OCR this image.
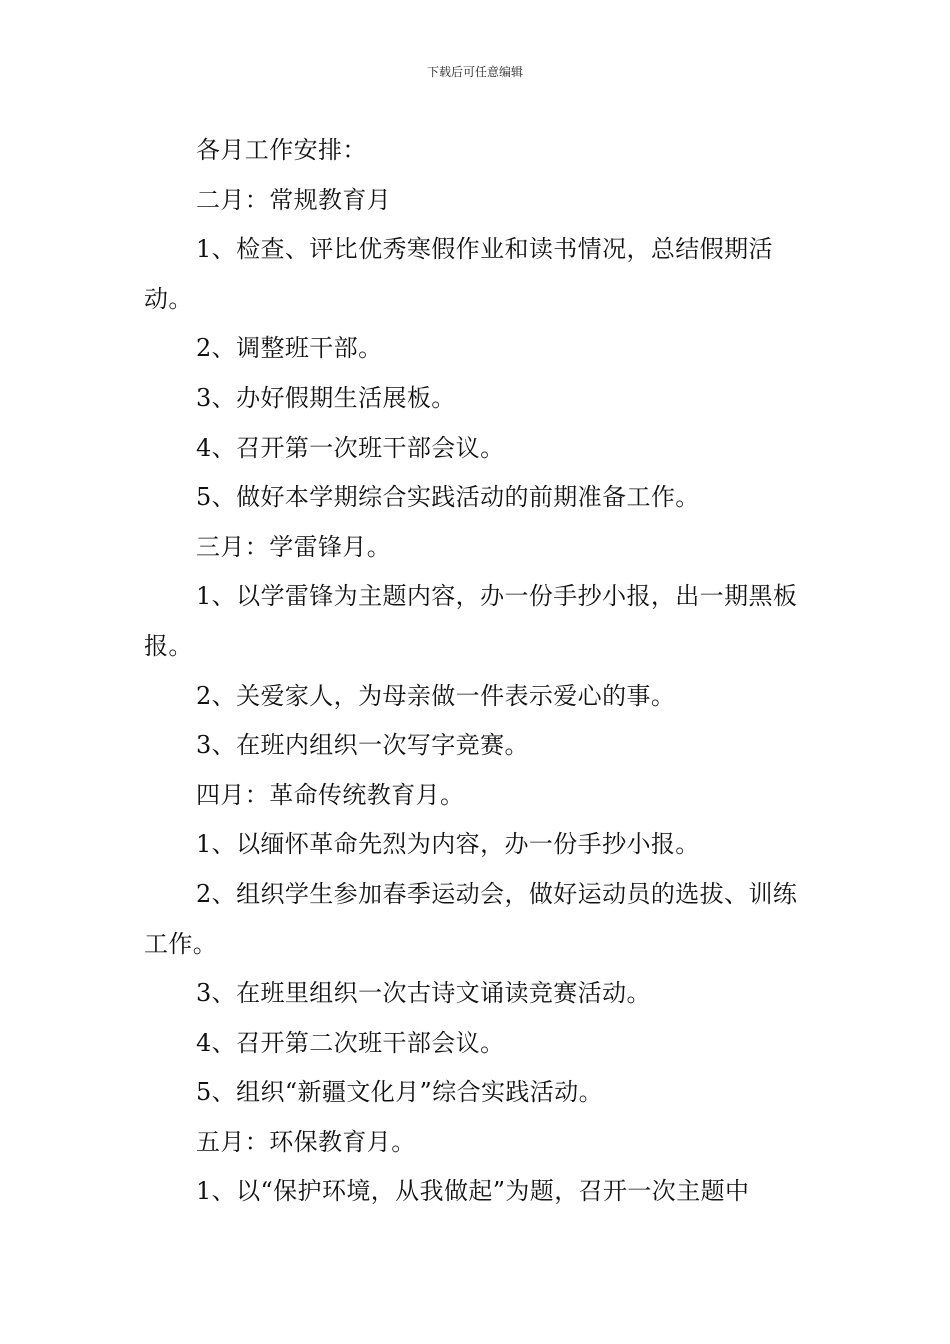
下载后可任意编辑

各月工作安排：

二月：常规教育月

1、检查、评比优秀寒假作业和读书情况，总结假期活动。

2、调整班干部。

3、办好假期生活展板。

4、召开第一次班干部会议。

5、做好本学期综合实践活动的前期准备工作。

三月：学雷锋月。

1、以学雷锋为主题内容，办一份手抄小报，出一期黑板报。

2、关爱家人，为母亲做一件表示爱心的事。

3、在班内组织一次写字竞赛。

四月：革命传统教育月。

1、以缅怀革命先烈为内容，办一份手抄小报。

2、组织学生参加春季运动会，做好运动员的选拔、训练工作。

3、在班里组织一次古诗文诵读竞赛活动。

4、召开第二次班干部会议。

5、组织“新疆文化月”综合实践活动。

五月：环保教育月。

1、以“保护环境，从我做起”为题，召开一次主题中
